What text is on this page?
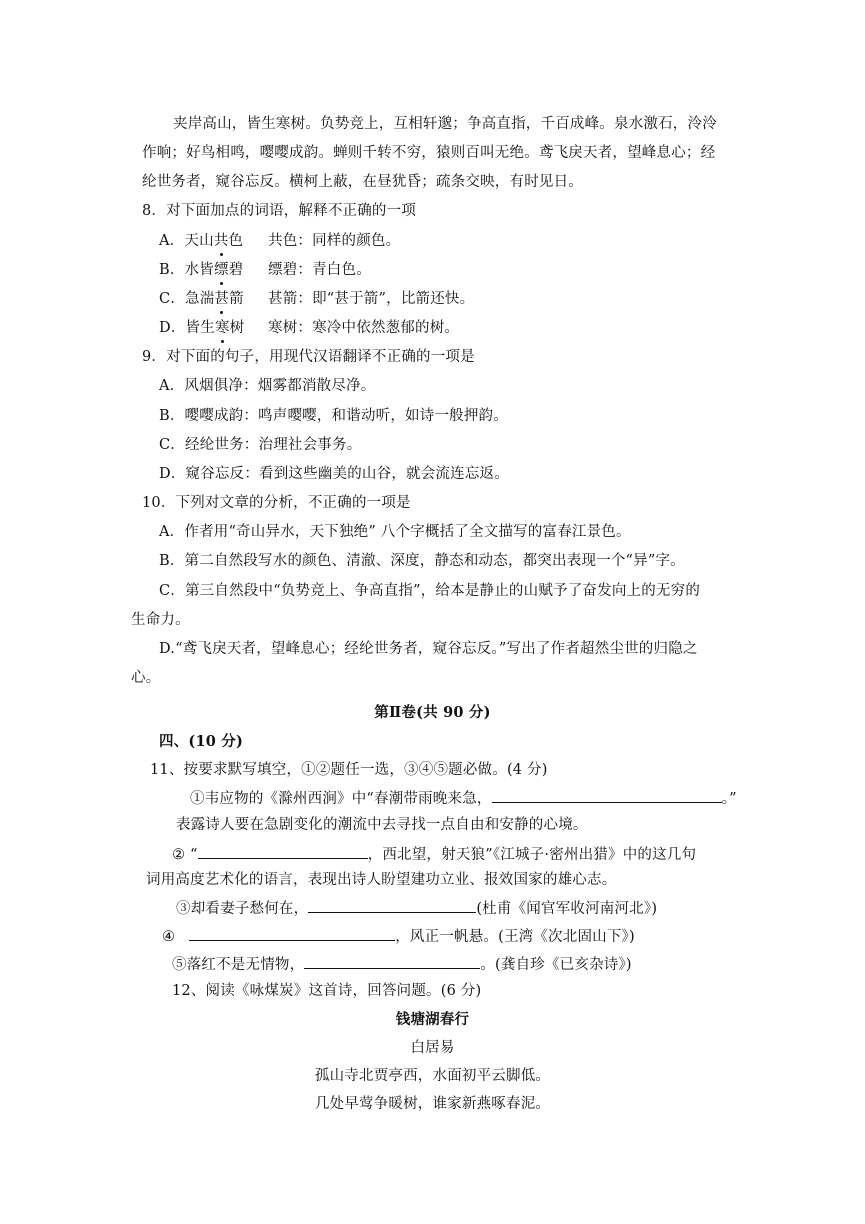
夹岸高山，皆生寒树。负势竞上，互相轩邈；争高直指，千百成峰。泉水激石，泠泠
作响；好鸟相鸣，嘤嘤成韵。蝉则千转不穷，猿则百叫无绝。鸢飞戾天者，望峰息心；经
纶世务者，窥谷忘反。横柯上蔽，在昼犹昏；疏条交映，有时见日。
8．对下面加点的词语，解释不正确的一项
A．天山共色 共色：同样的颜色。
B．水皆缥碧 缥碧：青白色。
C．急湍甚箭 甚箭：即“甚于箭”，比箭还快。
D．皆生寒树 寒树：寒冷中依然葱郁的树。
9．对下面的句子，用现代汉语翻译不正确的一项是
A．风烟俱净：烟雾都消散尽净。
B．嘤嘤成韵：鸣声嘤嘤，和谐动听，如诗一般押韵。
C．经纶世务：治理社会事务。
D．窥谷忘反：看到这些幽美的山谷，就会流连忘返。
10．下列对文章的分析，不正确的一项是
A．作者用“奇山异水，天下独绝” 八个字概括了全文描写的富春江景色。
B．第二自然段写水的颜色、清澈、深度，静态和动态，都突出表现一个“异”字。
C．第三自然段中“负势竞上、争高直指”，给本是静止的山赋予了奋发向上的无穷的
生命力。
D.“鸢飞戾天者，望峰息心；经纶世务者，窥谷忘反。”写出了作者超然尘世的归隐之
心。
第Ⅱ卷(共 90 分)
四、(10 分)
11、按要求默写填空，①②题任一选，③④⑤题必做。(4 分)
①韦应物的《滁州西涧》中“春潮带雨晚来急，	。”
表露诗人要在急剧变化的潮流中去寻找一点自由和安静的心境。
② “	，西北望，射天狼”《江城子·密州出猎》中的这几句
词用高度艺术化的语言，表现出诗人盼望建功立业、报效国家的雄心志。
③却看妻子愁何在，	(杜甫《闻官军收河南河北》)
④	，风正一帆悬。(王湾《次北固山下》)
⑤落红不是无情物，	。(龚自珍《已亥杂诗》)
12、阅读《咏煤炭》这首诗，回答问题。(6 分)
钱塘湖春行
白居易
孤山寺北贾亭西，水面初平云脚低。
几处早莺争暖树，谁家新燕啄春泥。
